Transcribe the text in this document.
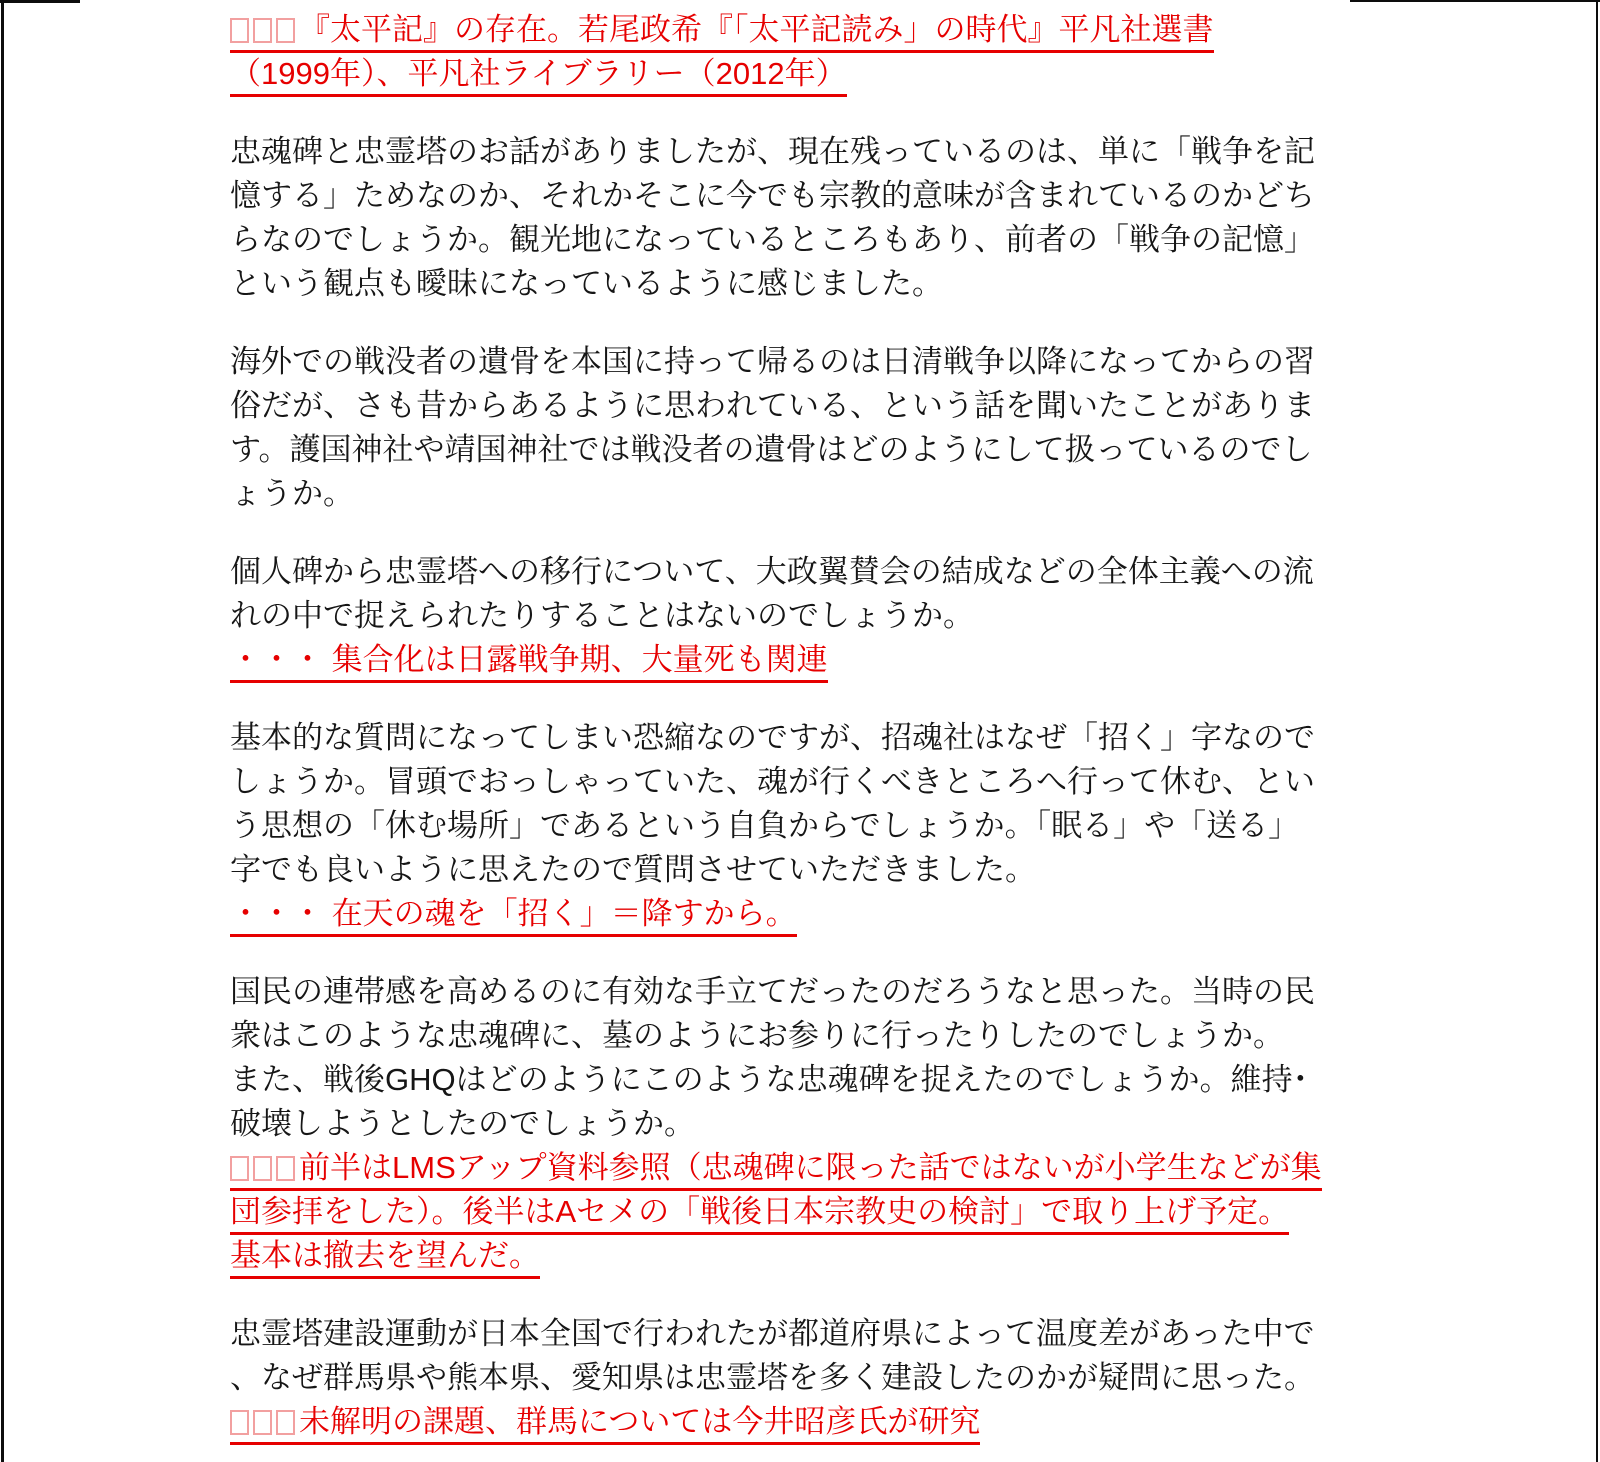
『太平記』の存在。若尾政希『「太平記読み」の時代』平凡社選書
（1999年）、平凡社ライブラリー（2012年）
忠魂碑と忠霊塔のお話がありましたが、現在残っているのは、単に「戦争を記
憶する」ためなのか、それかそこに今でも宗教的意味が含まれているのかどち
らなのでしょうか。観光地になっているところもあり、前者の「戦争の記憶」
という観点も曖昧になっているように感じました。
海外での戦没者の遺骨を本国に持って帰るのは日清戦争以降になってからの習
俗だが、さも昔からあるように思われている、という話を聞いたことがありま
す。護国神社や靖国神社では戦没者の遺骨はどのようにして扱っているのでし
ょうか。
個人碑から忠霊塔への移行について、大政翼賛会の結成などの全体主義への流
れの中で捉えられたりすることはないのでしょうか。
・・・ 集合化は日露戦争期、大量死も関連
基本的な質問になってしまい恐縮なのですが、招魂社はなぜ「招く」字なので
しょうか。冒頭でおっしゃっていた、魂が行くべきところへ行って休む、とい
う思想の「休む場所」であるという自負からでしょうか。「眠る」や「送る」
字でも良いように思えたので質問させていただきました。
・・・ 在天の魂を「招く」＝降すから。
国民の連帯感を高めるのに有効な手立てだったのだろうなと思った。当時の民
衆はこのような忠魂碑に、墓のようにお参りに行ったりしたのでしょうか。
また、戦後GHQはどのようにこのような忠魂碑を捉えたのでしょうか。維持･
破壊しようとしたのでしょうか。
前半はLMSアップ資料参照（忠魂碑に限った話ではないが小学生などが集
団参拝をした）。後半はAセメの「戦後日本宗教史の検討」で取り上げ予定。
基本は撤去を望んだ。
忠霊塔建設運動が日本全国で行われたが都道府県によって温度差があった中で
、なぜ群馬県や熊本県、愛知県は忠霊塔を多く建設したのかが疑問に思った。
未解明の課題、群馬については今井昭彦氏が研究
